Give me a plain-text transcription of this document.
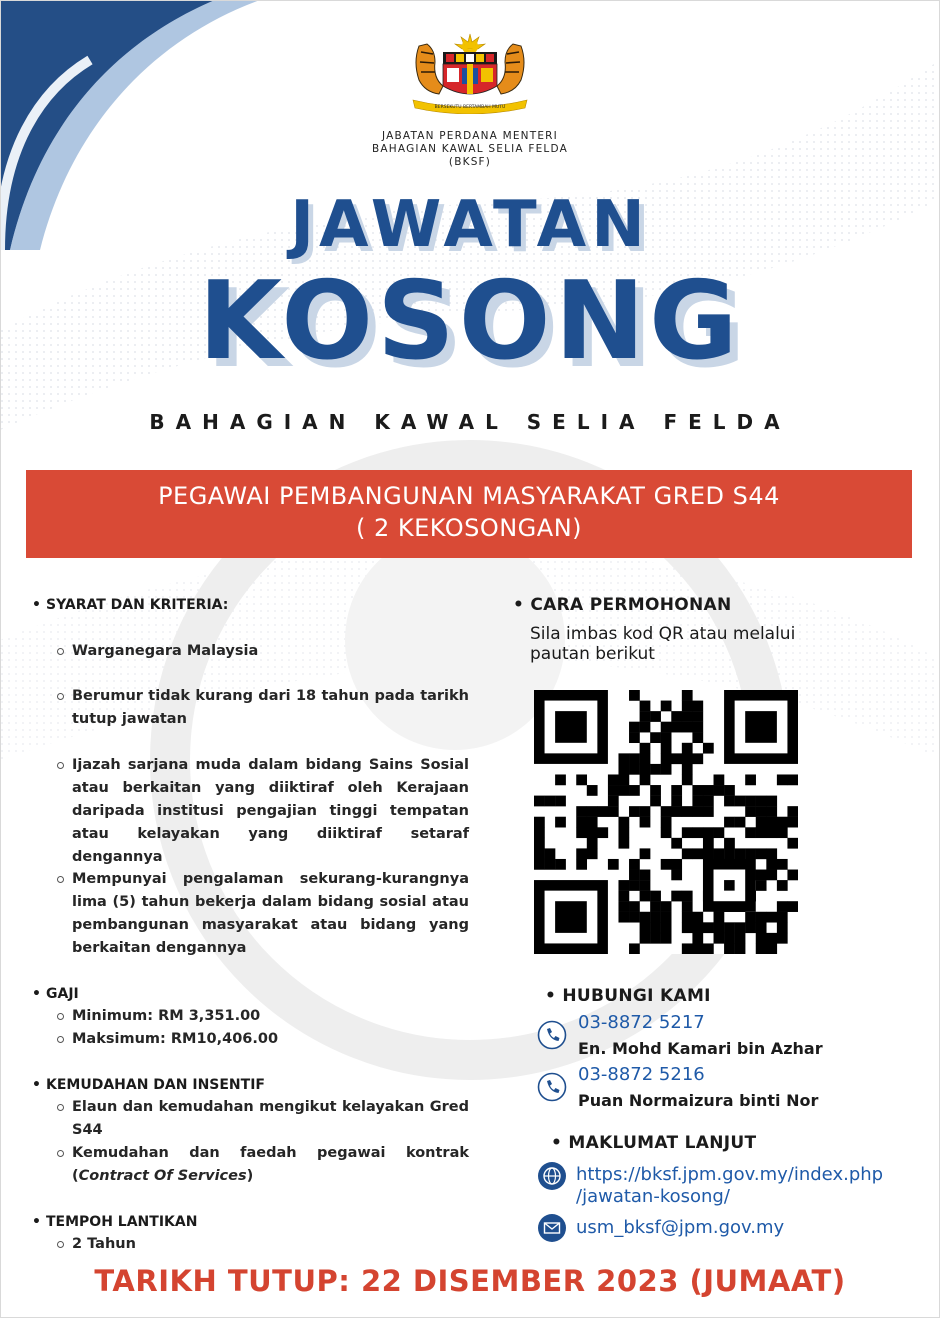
BERSEKUTU BERTAMBAH MUTU
JABATAN PERDANA MENTERI
BAHAGIAN KAWAL SELIA FELDA
(BKSF)
JAWATAN
KOSONG
BAHAGIAN KAWAL SELIA FELDA
PEGAWAI PEMBANGUNAN MASYARAKAT GRED S44
( 2 KEKOSONGAN)
• SYARAT DAN KRITERIA:
Warganegara Malaysia
Berumur tidak kurang dari 18 tahun pada tarikh tutup jawatan
Ijazah sarjana muda dalam bidang Sains Sosial atau berkaitan yang diiktiraf oleh Kerajaan daripada institusi pengajian tinggi tempatan atau kelayakan yang diiktiraf setaraf dengannya
Mempunyai pengalaman sekurang-kurangnya lima (5) tahun bekerja dalam bidang sosial atau pembangunan masyarakat atau bidang yang berkaitan dengannya
• GAJI
Minimum: RM 3,351.00
Maksimum: RM10,406.00
• KEMUDAHAN DAN INSENTIF
Elaun dan kemudahan mengikut kelayakan Gred S44
Kemudahan dan faedah pegawai kontrak (Contract Of Services)
• TEMPOH LANTIKAN
2 Tahun
• CARA PERMOHONAN
Sila imbas kod QR atau melalui pautan berikut
• HUBUNGI KAMI
03-8872 5217
En. Mohd Kamari bin Azhar
03-8872 5216
Puan Normaizura binti Nor
• MAKLUMAT LANJUT
https://bksf.jpm.gov.my/index.php
/jawatan-kosong/
usm_bksf@jpm.gov.my
TARIKH TUTUP: 22 DISEMBER 2023 (JUMAAT)
